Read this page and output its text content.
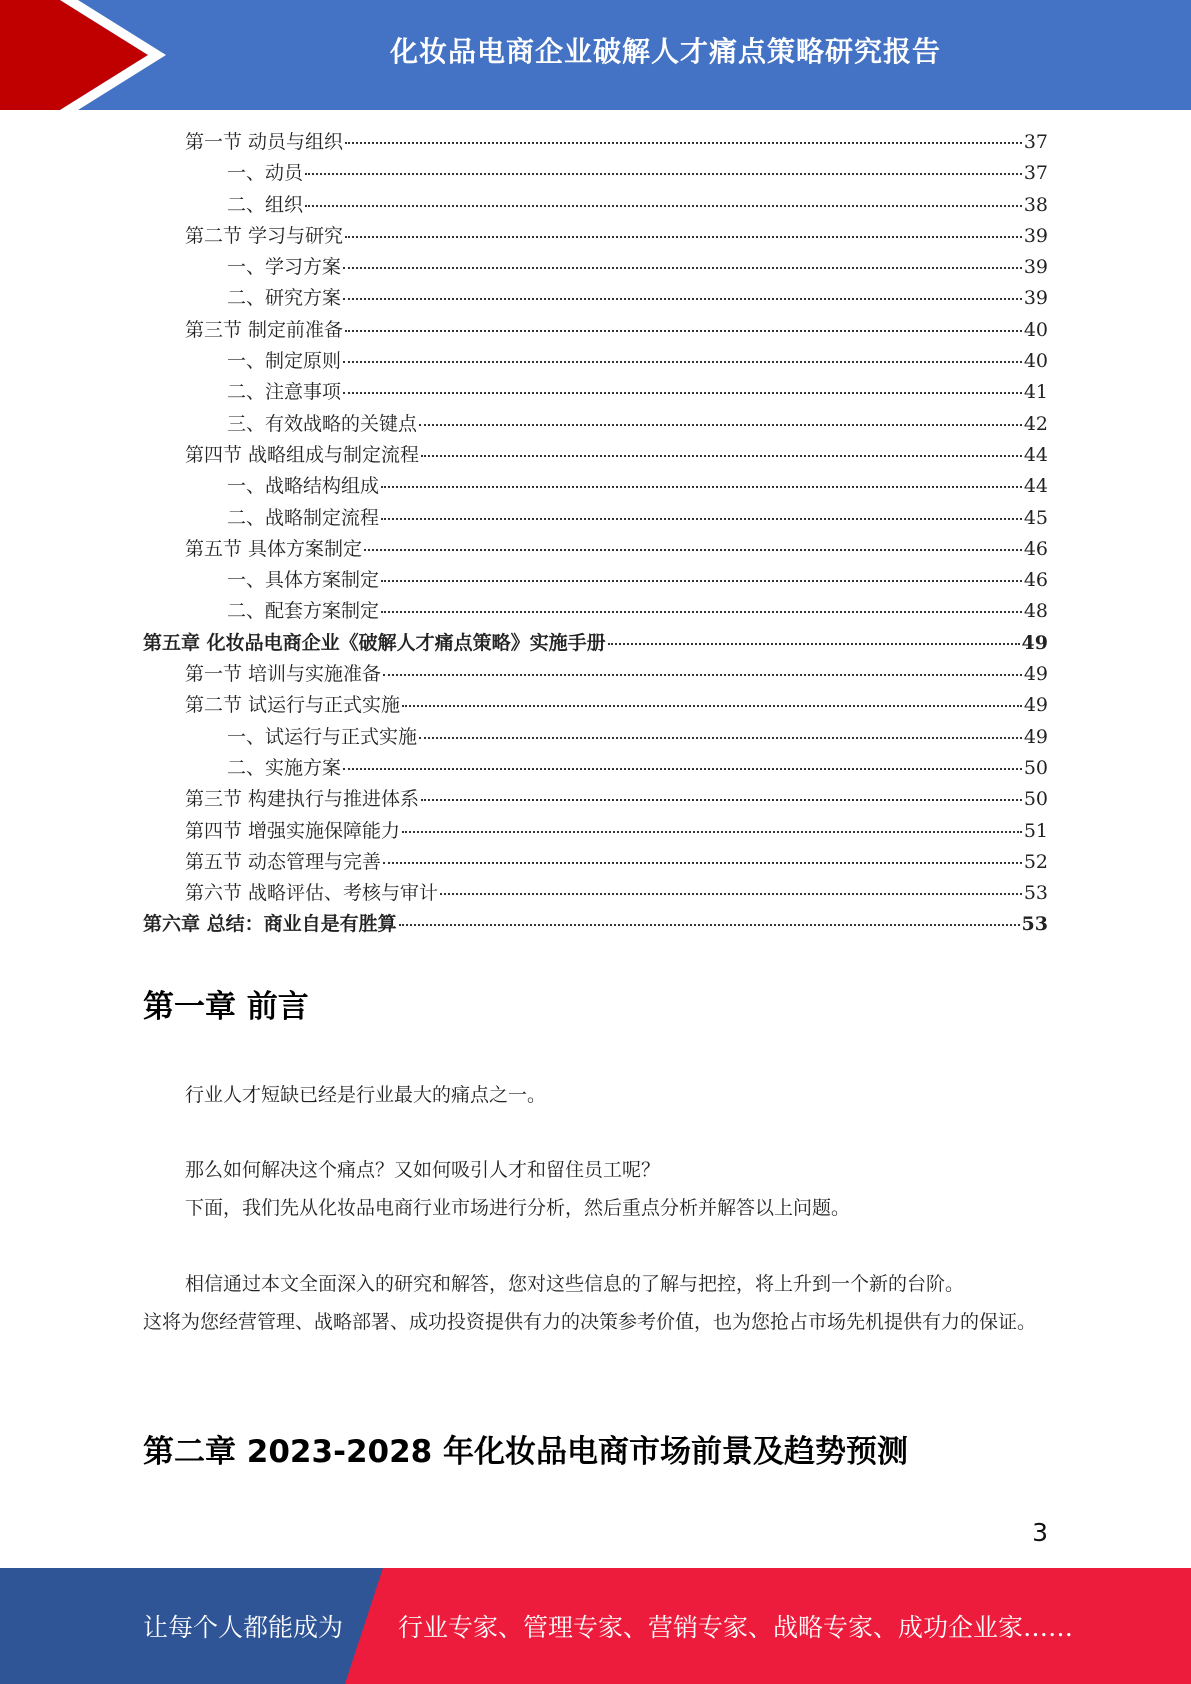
化妆品电商企业破解人才痛点策略研究报告
第一节 动员与组织	37
一、动员	37
二、组织	38
第二节 学习与研究	39
一、学习方案	39
二、研究方案	39
第三节 制定前准备	40
一、制定原则	40
二、注意事项	41
三、有效战略的关键点	42
第四节 战略组成与制定流程	44
一、战略结构组成	44
二、战略制定流程	45
第五节 具体方案制定	46
一、具体方案制定	46
二、配套方案制定	48
第五章 化妆品电商企业《破解人才痛点策略》实施手册	49
第一节 培训与实施准备	49
第二节 试运行与正式实施	49
一、试运行与正式实施	49
二、实施方案	50
第三节 构建执行与推进体系	50
第四节 增强实施保障能力	51
第五节 动态管理与完善	52
第六节 战略评估、考核与审计	53
第六章 总结：商业自是有胜算	53
第一章 前言

行业人才短缺已经是行业最大的痛点之一。

那么如何解决这个痛点？又如何吸引人才和留住员工呢？

下面，我们先从化妆品电商行业市场进行分析，然后重点分析并解答以上问题。

相信通过本文全面深入的研究和解答，您对这些信息的了解与把控，将上升到一个新的台阶。
这将为您经营管理、战略部署、成功投资提供有力的决策参考价值，也为您抢占市场先机提供有力的保证。

第二章 2023-2028 年化妆品电商市场前景及趋势预测
3
让每个人都能成为 行业专家、管理专家、营销专家、战略专家、成功企业家……
